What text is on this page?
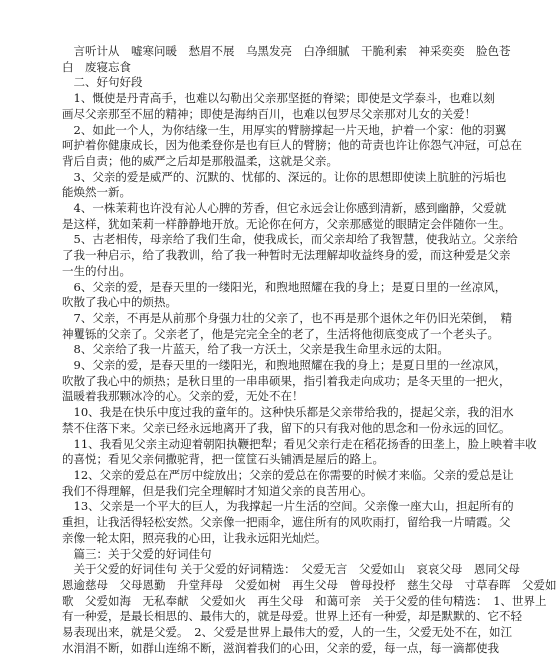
　言听计从　嘘寒问暖　愁眉不展　乌黑发亮　白净细腻　干脆利索　神采奕奕　脸色苍

白　废寝忘食

　二、好句好段

　1、慨使是丹青高手，也难以勾勒出父亲那坚挺的脊梁；即使是文学泰斗，也难以刻

画尽父亲那至不屈的精神；即使是海纳百川，也难以包罗尽父亲那对儿女的关爱！

　2、如此一个人，为你结缘一生，用厚实的臂膀撑起一片天地，护着一个家：他的羽翼

呵护着你健康成长，因为他柔登你是也有巨人的臂膀；他的苛责也许让你怨气冲冠，可总在

背后自责；他的威严之后却是那般温柔，这就是父亲。

　3、父亲的爱是威严的、沉默的、忧郁的、深远的。让你的思想即使读上肮脏的污垢也

能焕然一新。

　4、一株茉莉也许没有沁人心脾的芳香，但它永远会让你感到清新，感到幽静，父爱就

是这样，犹如茉莉一样静静地开放。无论你在何方，父亲那感觉的眼睛定会伴随你一生。

　5、古老相传，母亲给了我们生命，使我成长，而父亲却给了我智慧，使我站立。父亲给

了我一种启示，给了我教训，给了我一种暂时无法理解却收益终身的爱，而这种爱是父亲

一生的付出。

　6、父亲的爱，是春天里的一缕阳光，和煦地照耀在我的身上；是夏日里的一丝凉风，

吹散了我心中的烦热。

　7、父亲，不再是从前那个身强力壮的父亲了，也不再是那个退休之年仍旧光荣倒，　精

神矍铄的父亲了。父亲老了，他是完完全全的老了，生活将他彻底变成了一个老头子。

　8、父亲给了我一片蓝天，给了我一方沃土，父亲是我生命里永远的太阳。

　9、父亲的爱，是春天里的一缕阳光，和煦地照耀在我的身上；是夏日里的一丝凉风，

吹散了我心中的烦热；是秋日里的一串串硕果，指引着我走向成功；是冬天里的一把火，

温暖着我那颗冰冷的心。父亲的爱，无处不在！

　10、我是在快乐中度过我的童年的。这种快乐都是父亲带给我的，提起父亲，我的泪水

禁不住落下来。父亲已经永远地离开了我，留下的只有我对他的思念和一份永远的回忆。

　11、我看见父亲主动迎着朝阳执鞭把犁；看见父亲行走在稻花扬香的田垄上，脸上映着丰收

的喜悦；看见父亲伺撒驼背，把一筐筐石头铺洒是屋后的路上。

　12、父亲的爱总在严厉中绽放出；父亲的爱总在你需要的时候才来临。父亲的爱总是让

我们不得理解，但是我们完全理解时才知道父亲的良苦用心。

　13、父亲是一个平大的巨人，为我撑起一片生活的空间。父亲像一座大山，担起所有的

重担，让我活得轻松安然。父亲像一把雨伞，遮住所有的风吹雨打，留给我一片晴霞。父

亲像一轮太阳，照亮我的心田，让我永远阳光灿烂。

　篇三：关于父爱的好词佳句

　关于父爱的好词佳句 关于父爱的好词精选：　父爱无言　父爱如山　哀哀父母　恩同父母

恩逾慈母　父母恩勤　升堂拜母　父爱如树　再生父母　曾母投杼　慈生父母　寸草春晖　父爱如

歌　父爱如海　无私奉献　父爱如火　再生父母　和蔼可亲　关于父爱的佳句精选：　1、世界上

有一种爱，是最长相思的、最伟大的，就是母爱。世界上还有一种爱，却是默默的、它不轻

易表现出来，就是父爱。　2、父爱是世界上最伟大的爱，人的一生，父爱无处不在，如江

水涓涓不断，如群山连绵不断，滋润着我们的心田，父亲的爱，每一点，每一滴都使我
